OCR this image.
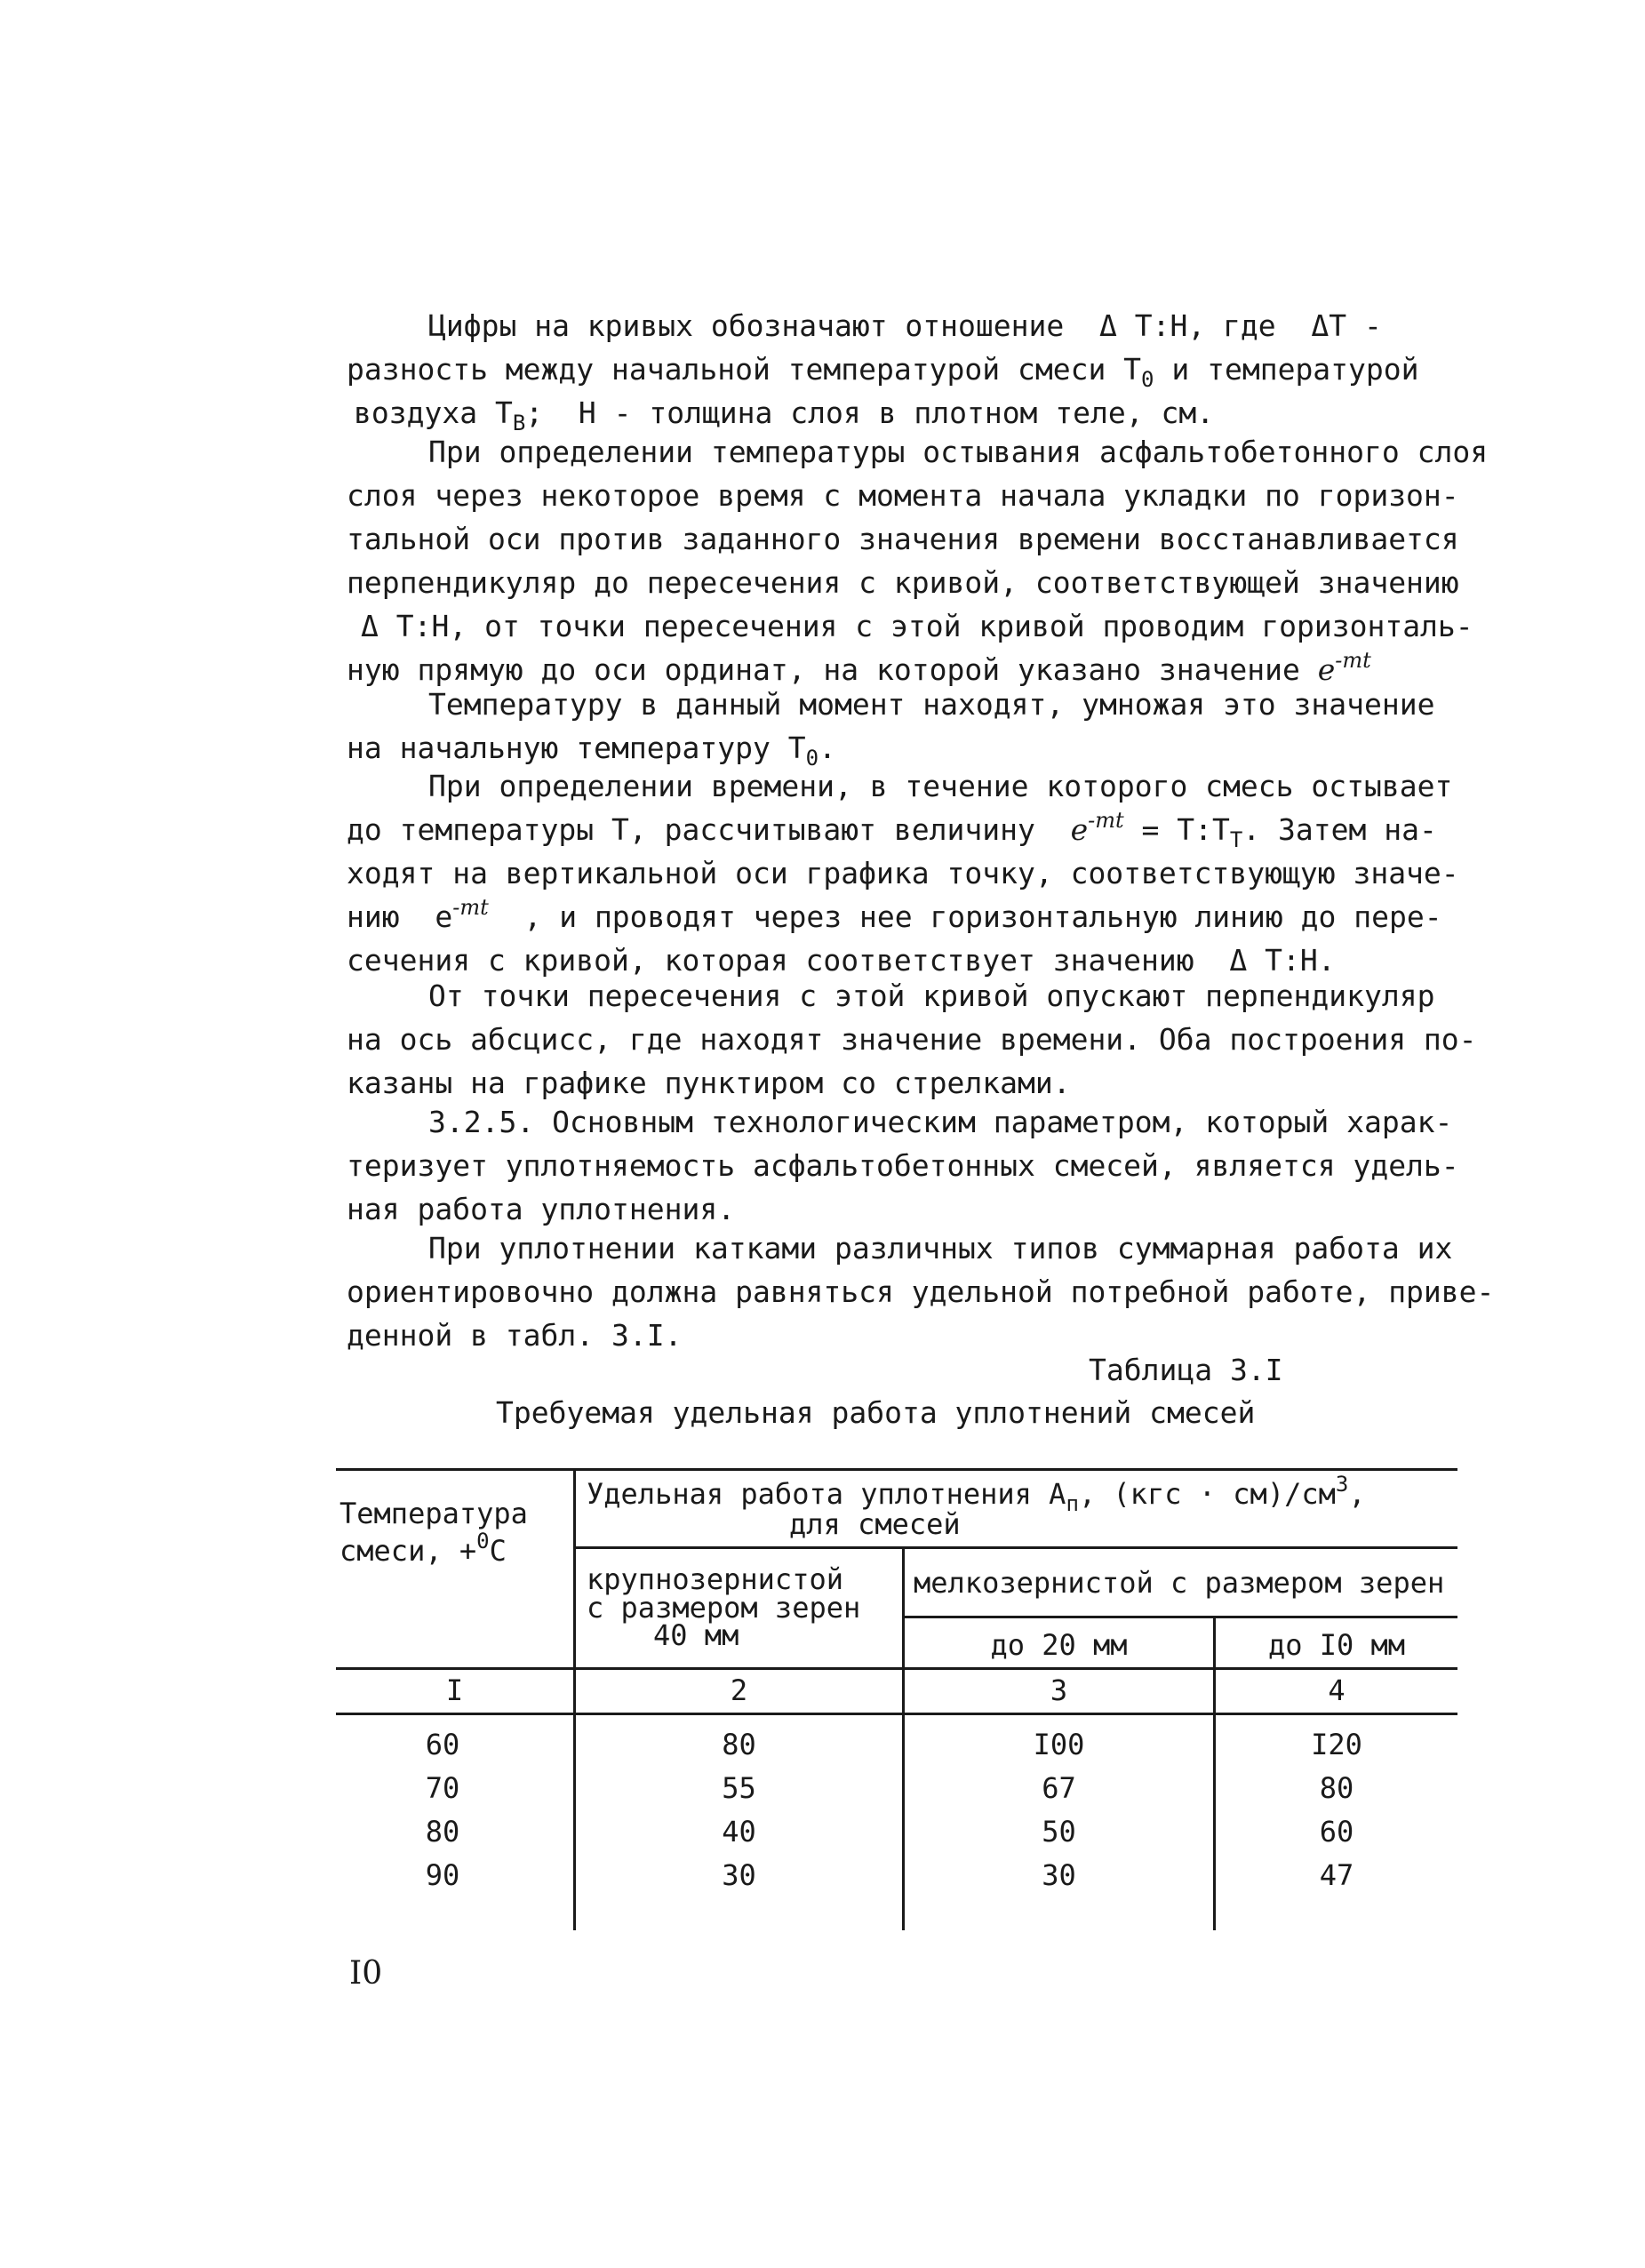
Цифры на кривых обозначают отношение  Δ T:H, где  ΔT -
разность между начальной температурой смеси $T_0$ и температурой
воздуха $T_В$;  H - толщина слоя в плотном теле, см.
При определении температуры остывания асфальтобетонного слоя
слоя через некоторое время с момента начала укладки по горизон-
тальной оси против заданного значения времени восстанавливается
перпендикуляр до пересечения с кривой, соответствующей значению
Δ T:H, от точки пересечения с этой кривой проводим горизонталь-
ную прямую до оси ординат, на которой указано значение $e^{-mt}$
Температуру в данный момент находят, умножая это значение
на начальную температуру $T_0$.
При определении времени, в течение которого смесь остывает
до температуры T, рассчитывают величину  $e^{-mt}$ = $T:T_Т$. Затем на-
ходят на вертикальной оси графика точку, соответствующую значе-
нию  $e^{-mt}$  , и проводят через нее горизонтальную линию до пере-
сечения с кривой, которая соответствует значению  Δ T:H.
От точки пересечения с этой кривой опускают перпендикуляр
на ось абсцисс, где находят значение времени. Оба построения по-
казаны на графике пунктиром со стрелками.
3.2.5. Основным технологическим параметром, который харак-
теризует уплотняемость асфальтобетонных смесей, является удель-
ная работа уплотнения.
При уплотнении катками различных типов суммарная работа их
ориентировочно должна равняться удельной потребной работе, приве-
денной в табл. 3.I.
Таблица 3.I
Требуемая удельная работа уплотнений смесей
Температура
смеси, +$^0$C
Удельная работа уплотнения $A_п$, $(кгс \cdot см)/см^3$,
для смесей
крупнозернистой
с размером зерен
40 мм
мелкозернистой с размером зерен
до 20 мм	до I0 мм
I	2	3	4
60	80	I00	I20
70	55	67	80
80	40	50	60
90	30	30	47
I0
